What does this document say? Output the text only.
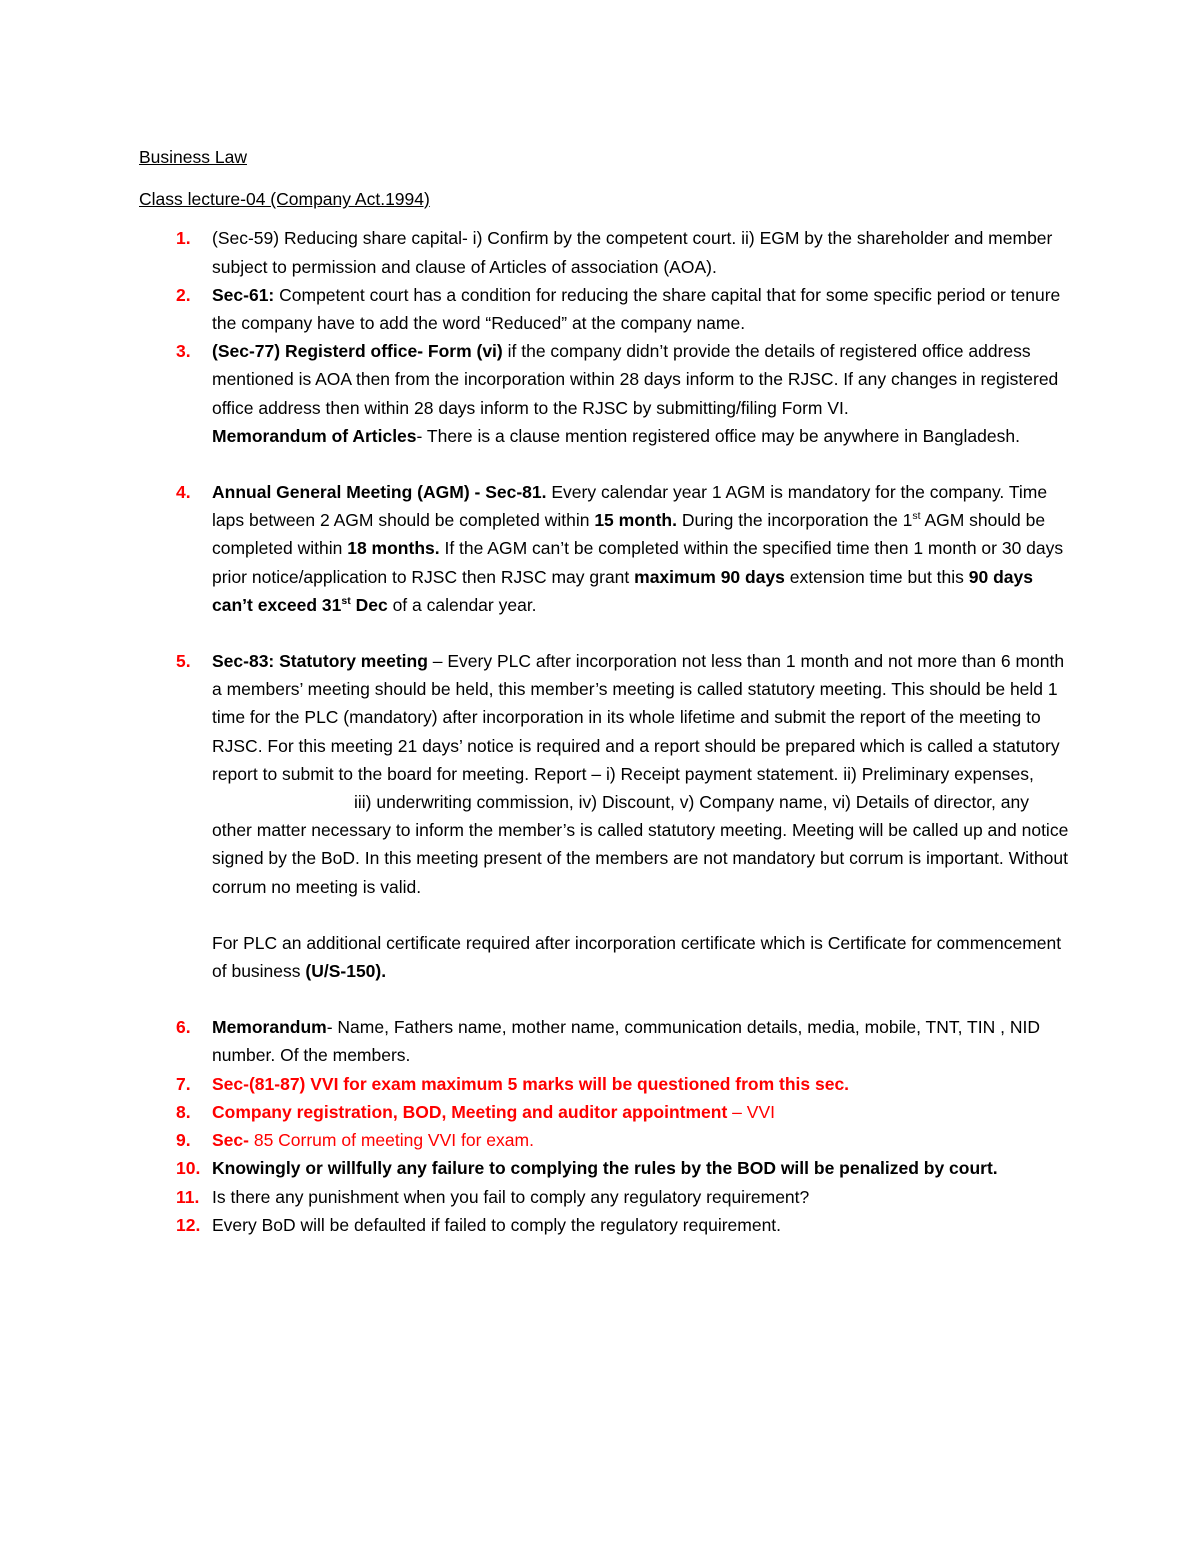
Business Law
Class lecture-04 (Company Act.1994)
1. (Sec-59) Reducing share capital- i) Confirm by the competent court. ii) EGM by the shareholder and member subject to permission and clause of Articles of association (AOA).
2. Sec-61: Competent court has a condition for reducing the share capital that for some specific period or tenure the company have to add the word “Reduced” at the company name.
3. (Sec-77) Registerd office- Form (vi) if the company didn’t provide the details of registered office address mentioned is AOA then from the incorporation within 28 days inform to the RJSC. If any changes in registered office address then within 28 days inform to the RJSC by submitting/filing Form VI.
Memorandum of Articles- There is a clause mention registered office may be anywhere in Bangladesh.
4. Annual General Meeting (AGM) - Sec-81. Every calendar year 1 AGM is mandatory for the company. Time laps between 2 AGM should be completed within 15 month. During the incorporation the 1st AGM should be completed within 18 months. If the AGM can’t be completed within the specified time then 1 month or 30 days prior notice/application to RJSC then RJSC may grant maximum 90 days extension time but this 90 days can’t exceed 31st Dec of a calendar year.
5. Sec-83: Statutory meeting – Every PLC after incorporation not less than 1 month and not more than 6 month a members’ meeting should be held, this member’s meeting is called statutory meeting. This should be held 1 time for the PLC (mandatory) after incorporation in its whole lifetime and submit the report of the meeting to RJSC. For this meeting 21 days’ notice is required and a report should be prepared which is called a statutory report to submit to the board for meeting. Report – i) Receipt payment statement. ii) Preliminary expenses,iii) underwriting commission, iv) Discount, v) Company name, vi) Details of director, any other matter necessary to inform the member’s is called statutory meeting. Meeting will be called up and notice signed by the BoD. In this meeting present of the members are not mandatory but corrum is important. Without corrum no meeting is valid.
For PLC an additional certificate required after incorporation certificate which is Certificate for commencement of business (U/S-150).
6. Memorandum- Name, Fathers name, mother name, communication details, media, mobile, TNT, TIN , NID number. Of the members.
7. Sec-(81-87) VVI for exam maximum 5 marks will be questioned from this sec.
8. Company registration, BOD, Meeting and auditor appointment – VVI
9. Sec- 85 Corrum of meeting VVI for exam.
10. Knowingly or willfully any failure to complying the rules by the BOD will be penalized by court.
11. Is there any punishment when you fail to comply any regulatory requirement?
12. Every BoD will be defaulted if failed to comply the regulatory requirement.
